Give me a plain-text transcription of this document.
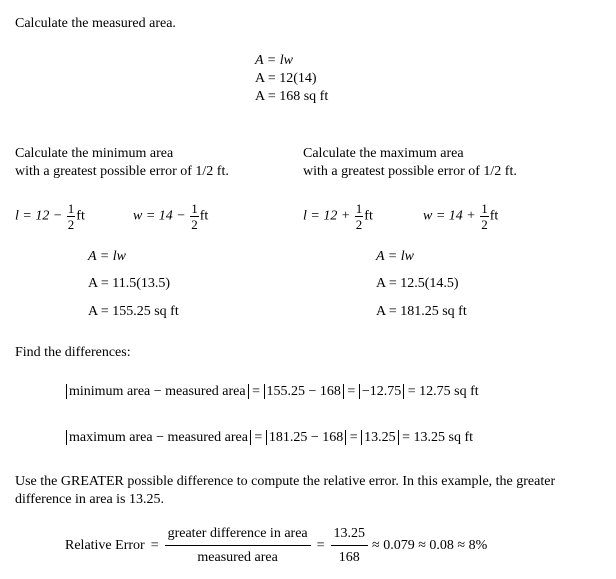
Calculate the measured area.
A = lw
A = 12(14)
A = 168 sq ft
Calculate the minimum area
with a greatest possible error of 1/2 ft.
Calculate the maximum area
with a greatest possible error of 1/2 ft.
$l = 12 - \frac{1}{2}$ ft	$w = 14 - \frac{1}{2}$ ft	$l = 12 + \frac{1}{2}$ ft	$w = 14 + \frac{1}{2}$ ft
A = lw
A = 11.5(13.5)
A = 155.25 sq ft
A = lw
A = 12.5(14.5)
A = 181.25 sq ft
Find the differences:
minimum area − measured area = 155.25 − 168 = −12.75 = 12.75 sq ft
maximum area − measured area = 181.25 − 168 = 13.25 = 13.25 sq ft
Use the GREATER possible difference to compute the relative error. In this example, the greater difference in area is 13.25.
Relative Error = $\frac{\text{greater difference in area}}{\text{measured area}} = \frac{13.25}{168} \approx 0.079 \approx 0.08 \approx 8\%$
